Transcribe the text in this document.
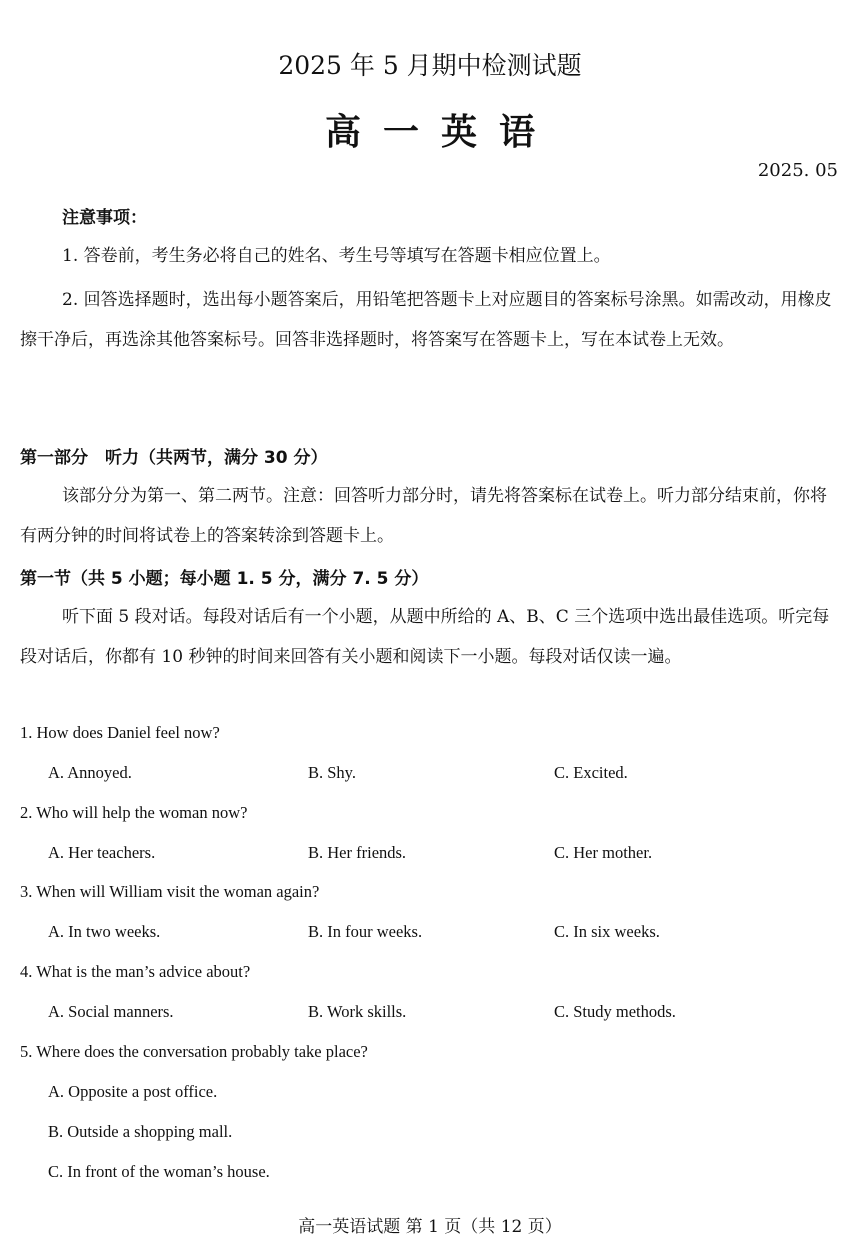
2025 年 5 月期中检测试题
高一英语
2025. 05
注意事项：
1. 答卷前，考生务必将自己的姓名、考生号等填写在答题卡相应位置上。
2. 回答选择题时，选出每小题答案后，用铅笔把答题卡上对应题目的答案标号涂黑。如需改动，用橡皮擦干净后，再选涂其他答案标号。回答非选择题时，将答案写在答题卡上，写在本试卷上无效。
第一部分　听力（共两节，满分 30 分）
该部分分为第一、第二两节。注意：回答听力部分时，请先将答案标在试卷上。听力部分结束前，你将有两分钟的时间将试卷上的答案转涂到答题卡上。
第一节（共 5 小题；每小题 1. 5 分，满分 7. 5 分）
听下面 5 段对话。每段对话后有一个小题，从题中所给的 A、B、C 三个选项中选出最佳选项。听完每段对话后，你都有 10 秒钟的时间来回答有关小题和阅读下一小题。每段对话仅读一遍。
1. How does Daniel feel now?
A. Annoyed.	B. Shy.	C. Excited.
2. Who will help the woman now?
A. Her teachers.	B. Her friends.	C. Her mother.
3. When will William visit the woman again?
A. In two weeks.	B. In four weeks.	C. In six weeks.
4. What is the man’s advice about?
A. Social manners.	B. Work skills.	C. Study methods.
5. Where does the conversation probably take place?
A. Opposite a post office.
B. Outside a shopping mall.
C. In front of the woman’s house.
高一英语试题 第 1 页（共 12 页）
